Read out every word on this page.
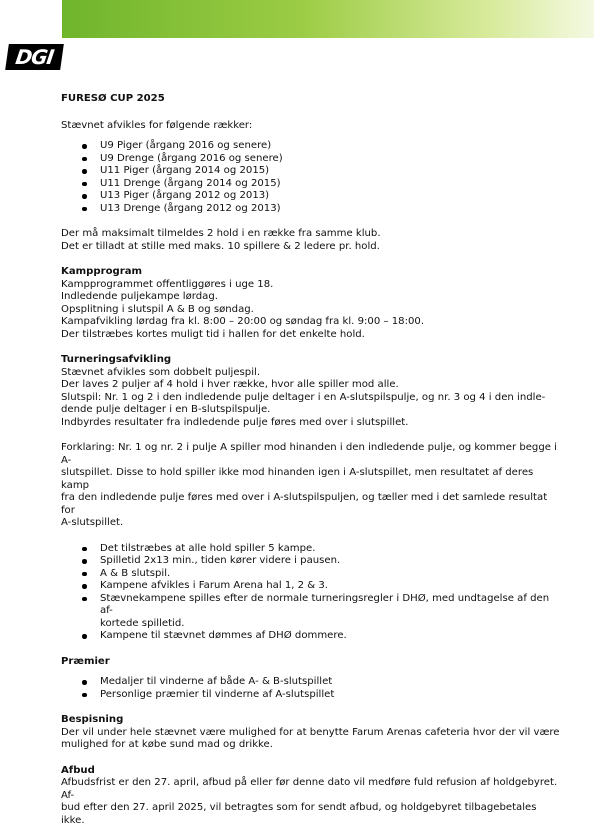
DGI

FURESØ CUP 2025

Stævnet afvikles for følgende rækker:

U9 Piger (årgang 2016 og senere)
U9 Drenge (årgang 2016 og senere)
U11 Piger (årgang 2014 og 2015)
U11 Drenge (årgang 2014 og 2015)
U13 Piger (årgang 2012 og 2013)
U13 Drenge (årgang 2012 og 2013)

Der må maksimalt tilmeldes 2 hold i en række fra samme klub.

Det er tilladt at stille med maks. 10 spillere & 2 ledere pr. hold.

Kampprogram

Kampprogrammet offentliggøres i uge 18.

Indledende puljekampe lørdag.

Opsplitning i slutspil A & B og søndag.

Kampafvikling lørdag fra kl. 8:00 – 20:00 og søndag fra kl. 9:00 – 18:00.

Der tilstræbes kortes muligt tid i hallen for det enkelte hold.

Turneringsafvikling

Stævnet afvikles som dobbelt puljespil.

Der laves 2 puljer af 4 hold i hver række, hvor alle spiller mod alle.

Slutspil: Nr. 1 og 2 i den indledende pulje deltager i en A-slutspilspulje, og nr. 3 og 4 i den indle-

dende pulje deltager i en B-slutspilspulje.

Indbyrdes resultater fra indledende pulje føres med over i slutspillet.

Forklaring: Nr. 1 og nr. 2 i pulje A spiller mod hinanden i den indledende pulje, og kommer begge i A-

slutspillet. Disse to hold spiller ikke mod hinanden igen i A-slutspillet, men resultatet af deres kamp

fra den indledende pulje føres med over i A-slutspilspuljen, og tæller med i det samlede resultat for

A-slutspillet.

Det tilstræbes at alle hold spiller 5 kampe.
Spilletid 2x13 min., tiden kører videre i pausen.
A & B slutspil.
Kampene afvikles i Farum Arena hal 1, 2 & 3.
Stævnekampene spilles efter de normale turneringsregler i DHØ, med undtagelse af den af-
kortede spilletid.
Kampene til stævnet dømmes af DHØ dommere.

Præmier

Medaljer til vinderne af både A- & B-slutspillet
Personlige præmier til vinderne af A-slutspillet

Bespisning

Der vil under hele stævnet være mulighed for at benytte Farum Arenas cafeteria hvor der vil være

mulighed for at købe sund mad og drikke.

Afbud

Afbudsfrist er den 27. april, afbud på eller før denne dato vil medføre fuld refusion af holdgebyret. Af-

bud efter den 27. april 2025, vil betragtes som for sendt afbud, og holdgebyret tilbagebetales ikke.
